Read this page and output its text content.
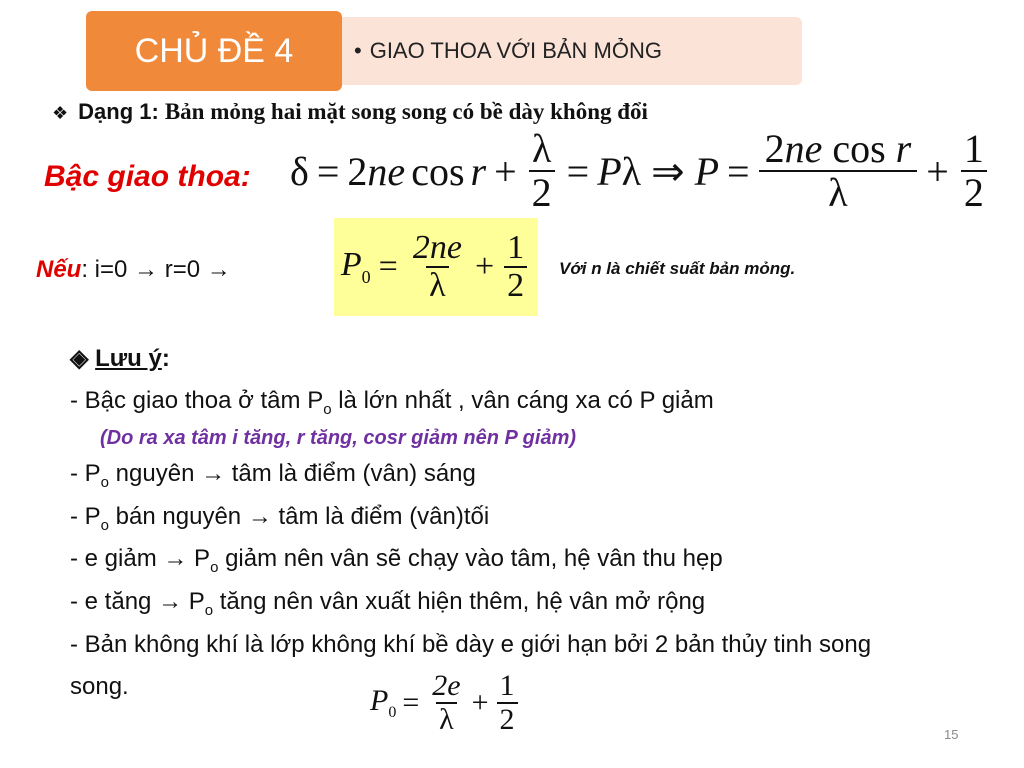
CHỦ ĐỀ 4	• GIAO THOA VỚI BẢN MỎNG
❖ Dạng 1: Bản mỏng hai mặt song song có bề dày không đổi
Bậc giao thoa: δ = 2ne $\cos r + \frac{\lambda}{2} = P$ λ ⇒ $P = \frac{\text{2ne cos r}}{\lambda} + \frac{1}{2}$
Nếu: i=0 → r=0 →	$P_0 = \frac{2ne}{\lambda} + \frac{1}{2}$ Với n là chiết suất bản mỏng.

◈ Lưu ý:

- Bậc giao thoa ở tâm $P_o$ là lớn nhất , vân cáng xa có P giảm

(Do ra xa tâm i tăng, r tăng, cosr giảm nên P giảm)

- $P_o$ nguyên → tâm là điểm (vân) sáng

- $P_o$ bán nguyên → tâm là điểm (vân)tối

- e giảm → $P_o$ giảm nên vân sẽ chạy vào tâm, hệ vân thu hẹp

- e tăng → $P_o$ tăng nên vân xuất hiện thêm, hệ vân mở rộng

- Bản không khí là lớp không khí bề dày e giới hạn bởi 2 bản thủy tinh song song.	$P_0 = \frac{2e}{\lambda} + \frac{1}{2}$	15
